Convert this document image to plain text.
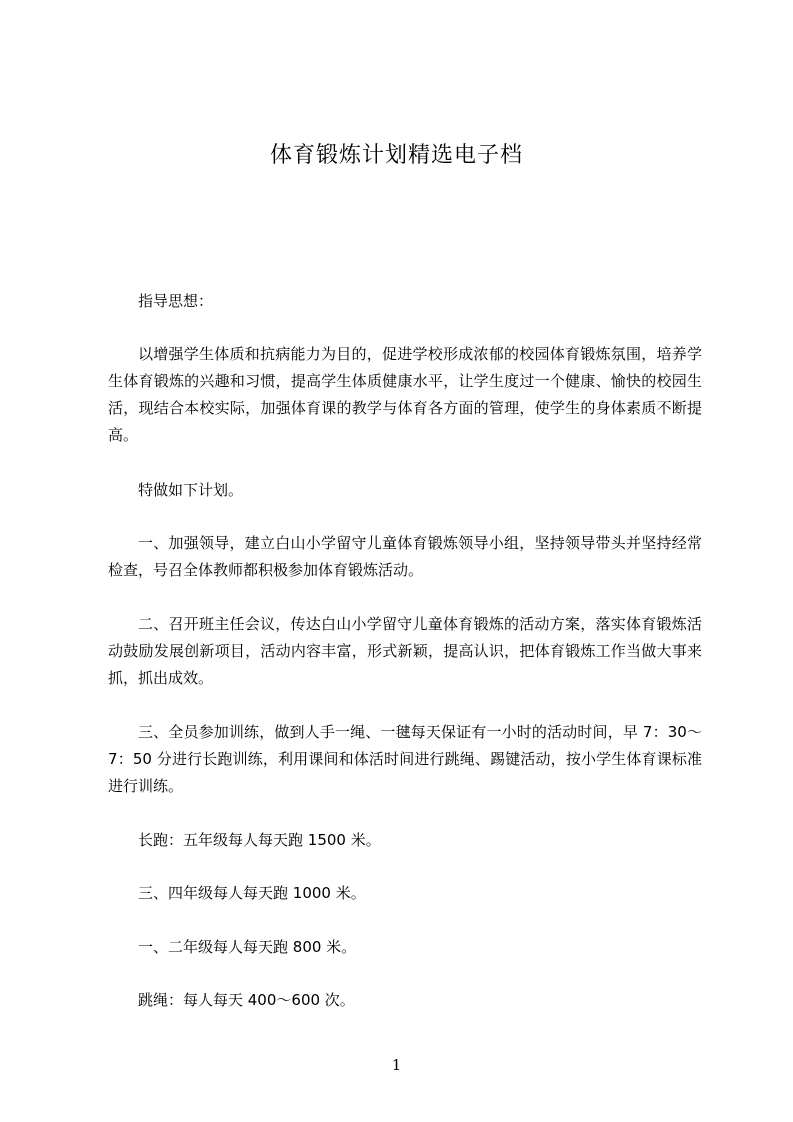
体育锻炼计划精选电子档

指导思想：

以增强学生体质和抗病能力为目的，促进学校形成浓郁的校园体育锻炼氛围，培养学生体育锻炼的兴趣和习惯，提高学生体质健康水平，让学生度过一个健康、愉快的校园生活，现结合本校实际，加强体育课的教学与体育各方面的管理，使学生的身体素质不断提高。

特做如下计划。

一、加强领导，建立白山小学留守儿童体育锻炼领导小组，坚持领导带头并坚持经常检查，号召全体教师都积极参加体育锻炼活动。

二、召开班主任会议，传达白山小学留守儿童体育锻炼的活动方案，落实体育锻炼活动鼓励发展创新项目，活动内容丰富，形式新颖，提高认识，把体育锻炼工作当做大事来抓，抓出成效。

三、全员参加训练，做到人手一绳、一毽每天保证有一小时的活动时间，早 7：30～7：50 分进行长跑训练，利用课间和体活时间进行跳绳、踢键活动，按小学生体育课标准进行训练。

长跑：五年级每人每天跑 1500 米。

三、四年级每人每天跑 1000 米。

一、二年级每人每天跑 800 米。

跳绳：每人每天 400～600 次。

1
